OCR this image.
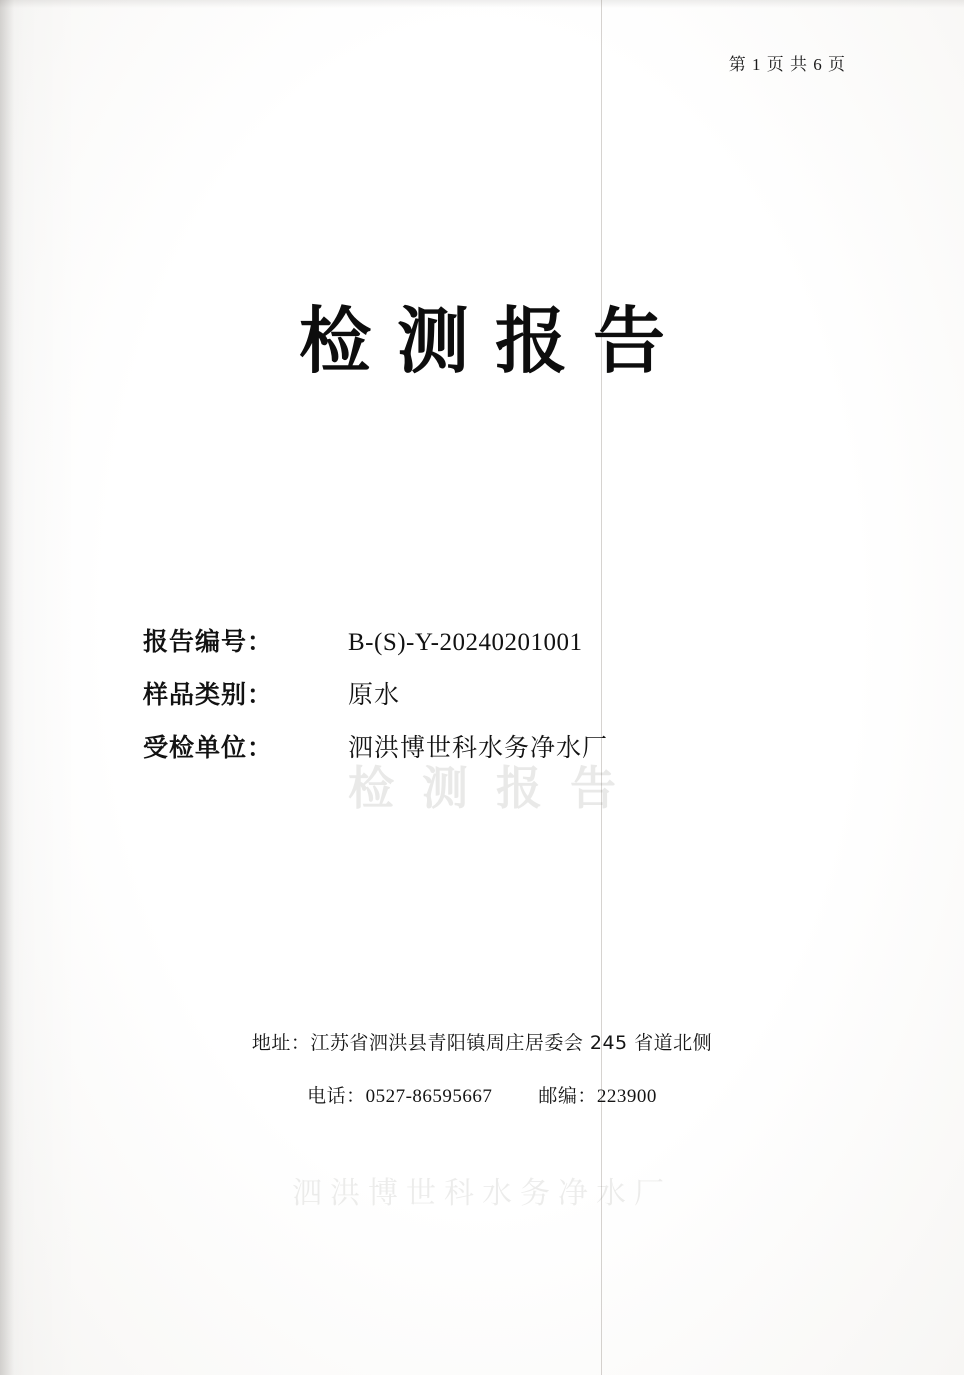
第 1 页 共 6 页
检测报告
检测报告
报告编号：	B-(S)-Y-20240201001
样品类别：	原水
受检单位：	泗洪博世科水务净水厂
泗洪博世科水务净水厂
地址：江苏省泗洪县青阳镇周庄居委会 245 省道北侧
电话：0527-86595667 邮编：223900
